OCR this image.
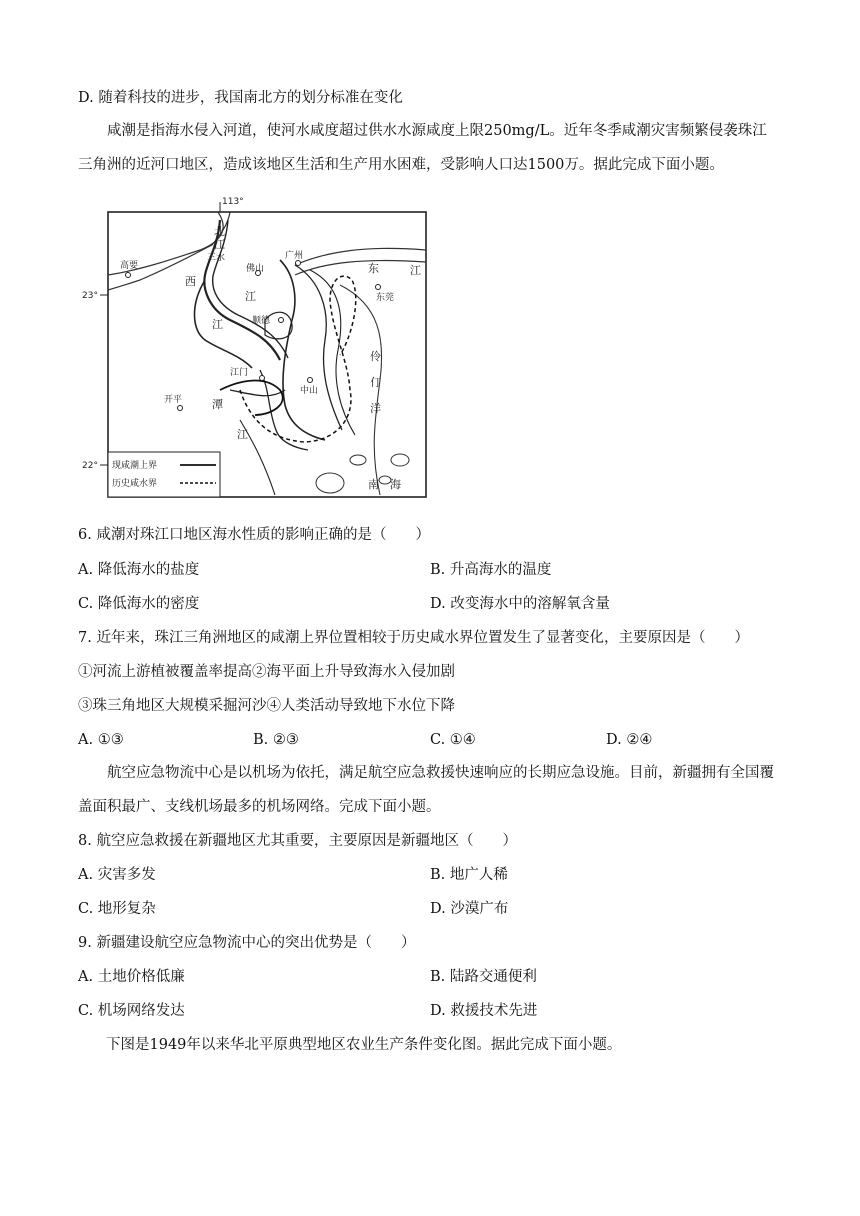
D. 随着科技的进步，我国南北方的划分标准在变化
咸潮是指海水侵入河道，使河水咸度超过供水水源咸度上限250mg/L。近年冬季咸潮灾害频繁侵袭珠江三角洲的近河口地区，造成该地区生活和生产用水困难，受影响人口达1500万。据此完成下面小题。
113°
23°
22°
北
江
三水	广州
佛山	东	江
东莞
高要
西
江
江	顺德
伶
仃
洋
江门
中山
开平	潭
江
南　海
现咸潮上界
历史咸水界
6. 咸潮对珠江口地区海水性质的影响正确的是（　　）
A. 降低海水的盐度	B. 升高海水的温度
C. 降低海水的密度	D. 改变海水中的溶解氧含量
7. 近年来，珠江三角洲地区的咸潮上界位置相较于历史咸水界位置发生了显著变化，主要原因是（　　）
①河流上游植被覆盖率提高②海平面上升导致海水入侵加剧
③珠三角地区大规模采掘河沙④人类活动导致地下水位下降
A. ①③	B. ②③	C. ①④	D. ②④
航空应急物流中心是以机场为依托，满足航空应急救援快速响应的长期应急设施。目前，新疆拥有全国覆盖面积最广、支线机场最多的机场网络。完成下面小题。
8. 航空应急救援在新疆地区尤其重要，主要原因是新疆地区（　　）
A. 灾害多发	B. 地广人稀
C. 地形复杂	D. 沙漠广布
9. 新疆建设航空应急物流中心的突出优势是（　　）
A. 土地价格低廉	B. 陆路交通便利
C. 机场网络发达	D. 救援技术先进
下图是1949年以来华北平原典型地区农业生产条件变化图。据此完成下面小题。
